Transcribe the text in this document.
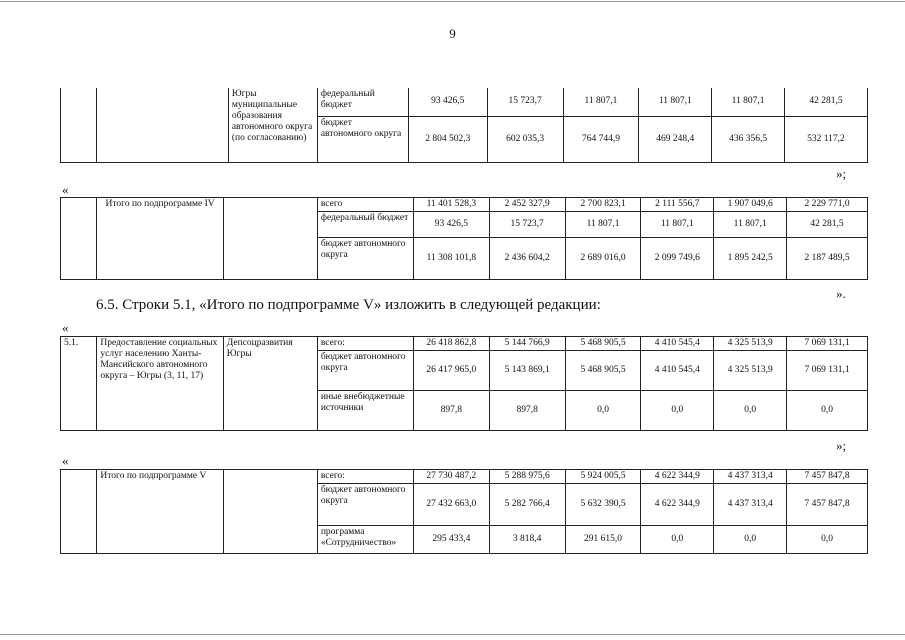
9
		Югры муниципальные образования автономного округа (по согласованию)	федеральный бюджет	93 426,5	15 723,7	11 807,1	11 807,1	11 807,1	42 281,5
			бюджет автономного округа	2 804 502,3	602 035,3	764 744,9	469 248,4	436 356,5	532 117,2
»;
«
	Итого по подпрограмме IV		всего	11 401 528,3	2 452 327,9	2 700 823,1	2 111 556,7	1 907 049,6	2 229 771,0
			федеральный бюджет	93 426,5	15 723,7	11 807,1	11 807,1	11 807,1	42 281,5
			бюджет автономного округа	11 308 101,8	2 436 604,2	2 689 016,0	2 099 749,6	1 895 242,5	2 187 489,5
».
6.5. Строки 5.1, «Итого по подпрограмме V» изложить в следующей редакции:
«
5.1.	Предоставление социальных услуг населению Ханты-Мансийского автономного округа – Югры (3, 11, 17)	Депсоцразвития Югры	всего:	26 418 862,8	5 144 766,9	5 468 905,5	4 410 545,4	4 325 513,9	7 069 131,1
			бюджет автономного округа	26 417 965,0	5 143 869,1	5 468 905,5	4 410 545,4	4 325 513,9	7 069 131,1
			иные внебюджетные источники	897,8	897,8	0,0	0,0	0,0	0,0
»;
«
	Итого по подпрограмме V		всего:	27 730 487,2	5 288 975,6	5 924 005,5	4 622 344,9	4 437 313,4	7 457 847,8
			бюджет автономного округа	27 432 663,0	5 282 766,4	5 632 390,5	4 622 344,9	4 437 313,4	7 457 847,8
			программа «Сотрудничество»	295 433,4	3 818,4	291 615,0	0,0	0,0	0,0
